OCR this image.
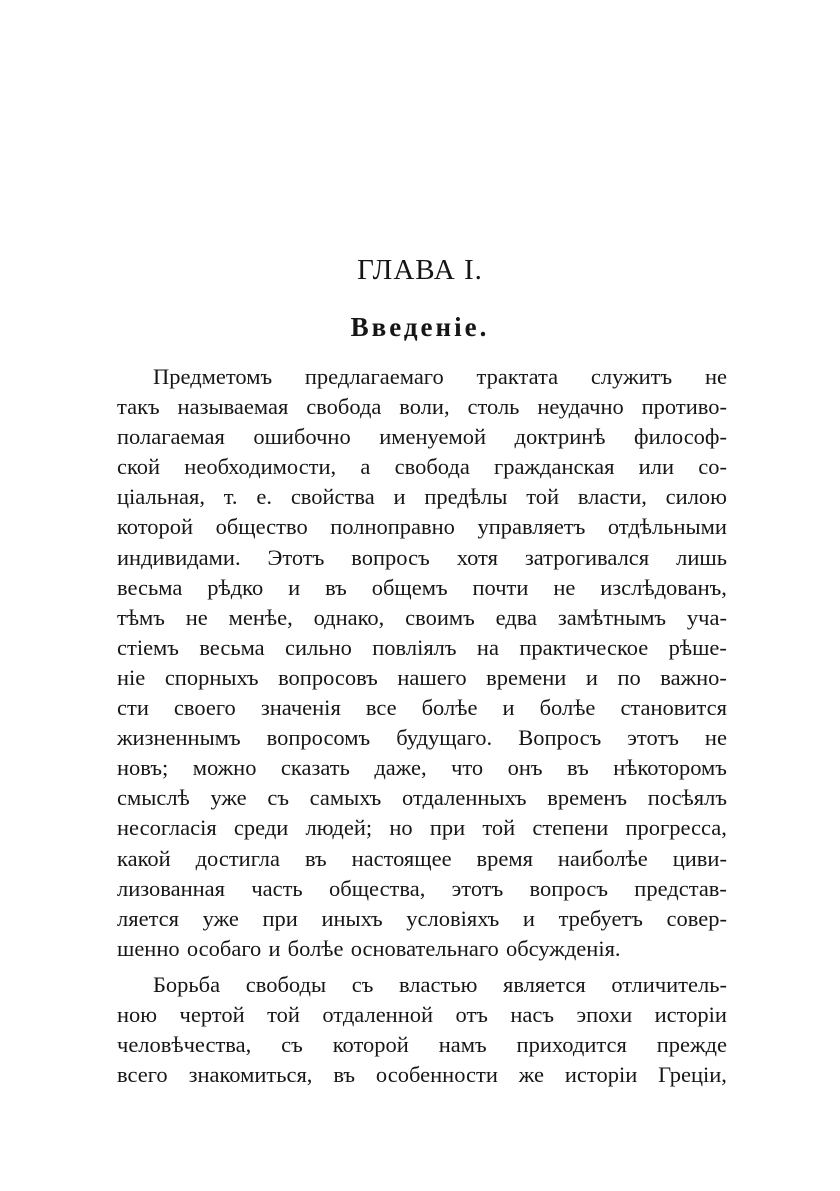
ГЛАВА I.
Введенiе.
Предметомъ предлагаемаго трактата служитъ не
такъ называемая свобода воли, столь неудачно противо-
полагаемая ошибочно именуемой доктринѣ философ-
ской необходимости, а свобода гражданская или со-
цiальная, т. е. свойства и предѣлы той власти, силою
которой общество полноправно управляетъ отдѣльными
индивидами. Этотъ вопросъ хотя затрогивался лишь
весьма рѣдко и въ общемъ почти не изслѣдованъ,
тѣмъ не менѣе, однако, своимъ едва замѣтнымъ уча-
стiемъ весьма сильно повлiялъ на практическое рѣше-
нiе спорныхъ вопросовъ нашего времени и по важно-
сти своего значенiя все болѣе и болѣе становится
жизненнымъ вопросомъ будущаго. Вопросъ этотъ не
новъ; можно сказать даже, что онъ въ нѣкоторомъ
смыслѣ уже съ самыхъ отдаленныхъ временъ посѣялъ
несогласiя среди людей; но при той степени прогресса,
какой достигла въ настоящее время наиболѣе циви-
лизованная часть общества, этотъ вопросъ представ-
ляется уже при иныхъ условiяхъ и требуетъ совер-
шенно особаго и болѣе основательнаго обсужденiя.
Борьба свободы съ властью является отличитель-
ною чертой той отдаленной отъ насъ эпохи исторiи
человѣчества, съ которой намъ приходится прежде
всего знакомиться, въ особенности же исторiи Грецiи,
